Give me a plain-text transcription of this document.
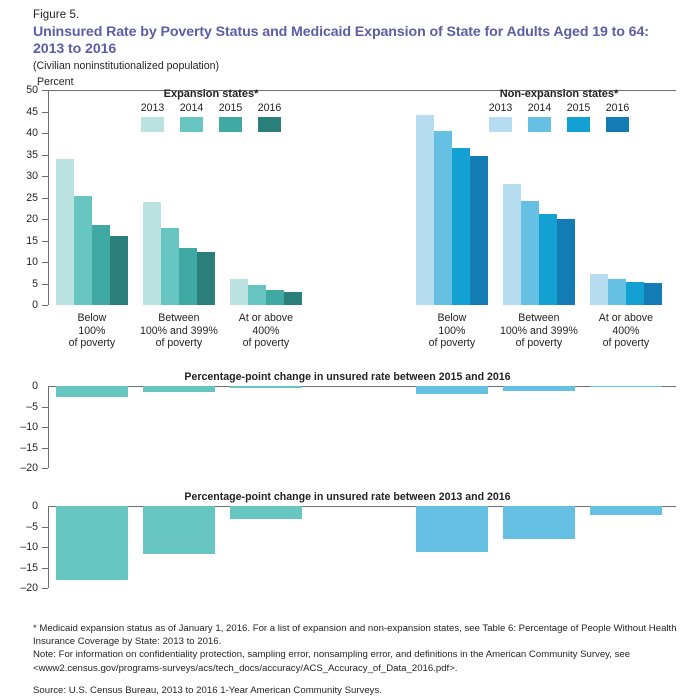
Figure 5.
Uninsured Rate by Poverty Status and Medicaid Expansion of State for Adults Aged 19 to 64: 2013 to 2016
(Civilian noninstitutionalized population)
Percent
0
5
10
15
20
25
30
35
40
45
50
Below
100%
of poverty
Between
100% and 399%
of poverty
At or above
400%
of poverty
Below
100%
of poverty
Between
100% and 399%
of poverty
At or above
400%
of poverty
Expansion states*
2013	2014	2015	2016
Non-expansion states*
2013	2014	2015	2016
Percentage-point change in unsured rate between 2015 and 2016
0
–5
–10
–15
–20
Percentage-point change in unsured rate between 2013 and 2016
0
–5
–10
–15
–20

* Medicaid expansion status as of January 1, 2016. For a list of expansion and non-expansion states, see Table 6: Percentage of People Without Health Insurance Coverage by State: 2013 to 2016.

Note: For information on confidentiality protection, sampling error, nonsampling error, and definitions in the American Community Survey, see <www2.census.gov/programs-surveys/acs/tech_docs/accuracy/ACS_Accuracy_of_Data_2016.pdf>.

Source: U.S. Census Bureau, 2013 to 2016 1-Year American Community Surveys.
